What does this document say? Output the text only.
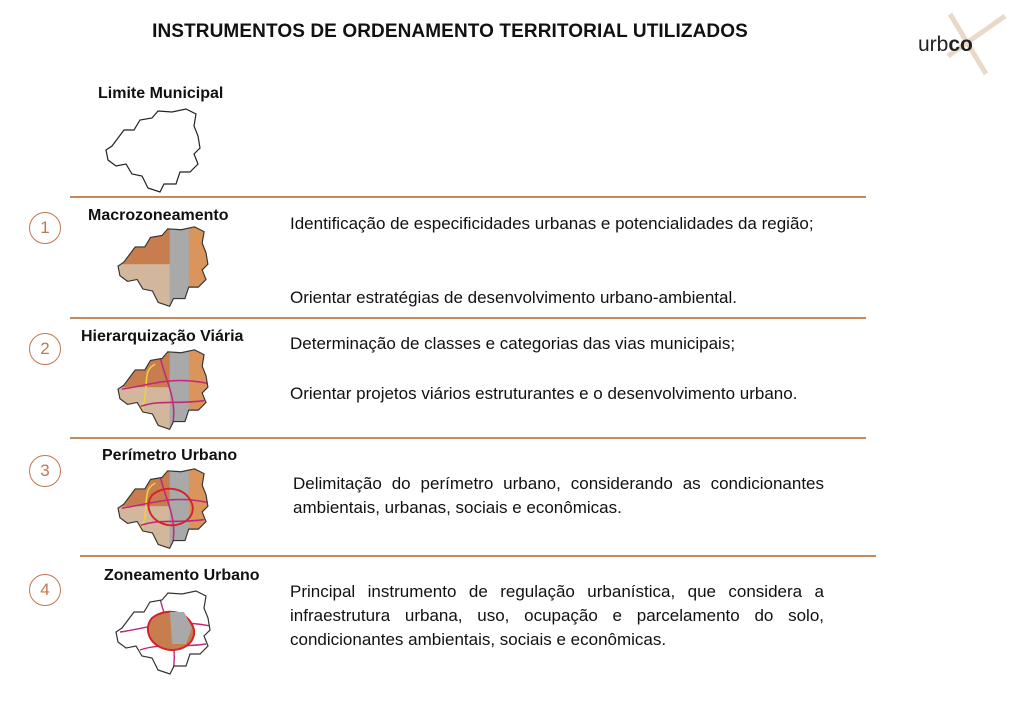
INSTRUMENTOS DE ORDENAMENTO TERRITORIAL UTILIZADOS
urbco
Limite Municipal
1
Macrozoneamento	Identificação de especificidades urbanas e potencialidades da região;
Orientar estratégias de desenvolvimento urbano-ambiental.
2
Hierarquização Viária	Determinação de classes e categorias das vias municipais;
Orientar projetos viários estruturantes e o desenvolvimento urbano.
3
Perímetro Urbano
Delimitação do perímetro urbano, considerando as condicionantes ambientais, urbanas, sociais e econômicas.
4
Zoneamento Urbano
Principal instrumento de regulação urbanística, que considera a infraestrutura urbana, uso, ocupação e parcelamento do solo, condicionantes ambientais, sociais e econômicas.
